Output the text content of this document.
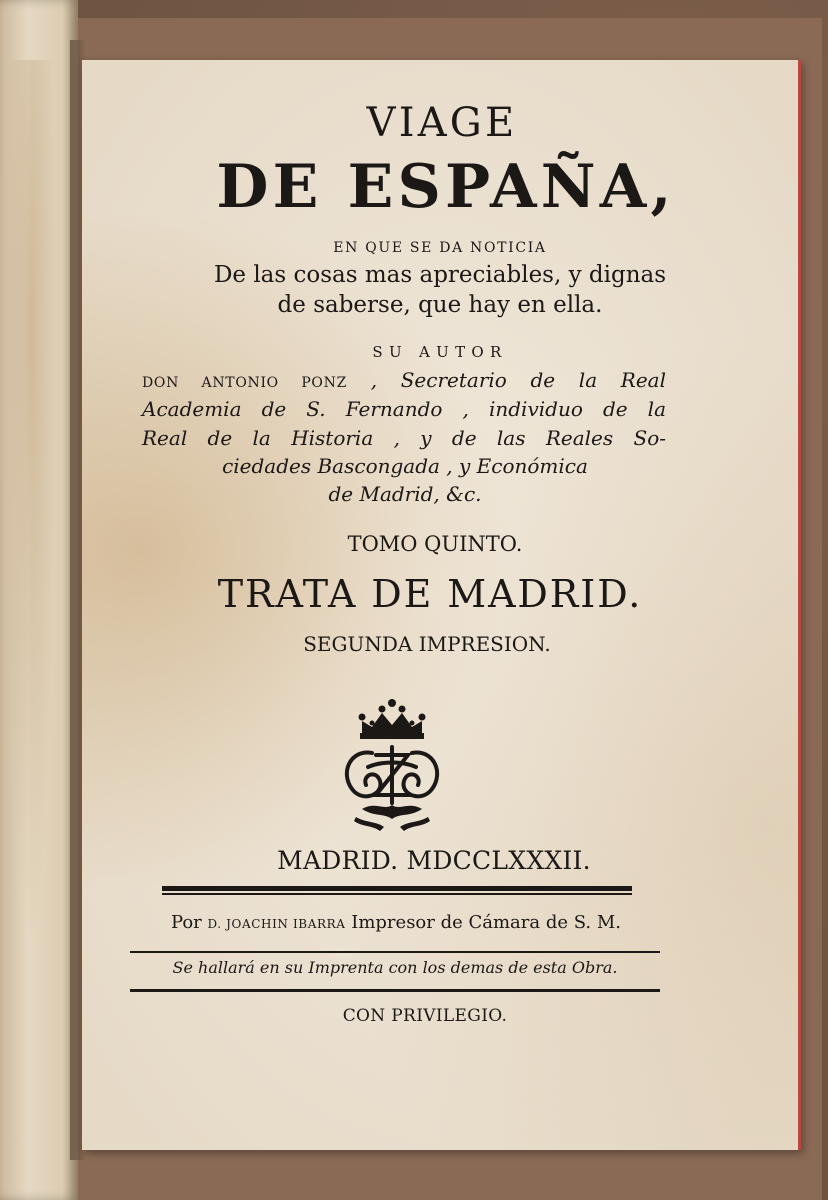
VIAGE
DE ESPAÑA,
EN QUE SE DA NOTICIA
De las cosas mas apreciables, y dignas
de saberse, que hay en ella.
SU AUTOR
DON ANTONIO PONZ , Secretario de la Real
Academia de S. Fernando , individuo de la
Real de la Historia , y de las Reales So-
ciedades Bascongada , y Económica
de Madrid, &c.
TOMO QUINTO.
TRATA DE MADRID.
SEGUNDA IMPRESION.
MADRID. MDCCLXXXII.
Por D. JOACHIN IBARRA Impresor de Cámara de S. M.
Se hallará en su Imprenta con los demas de esta Obra.
CON PRIVILEGIO.
